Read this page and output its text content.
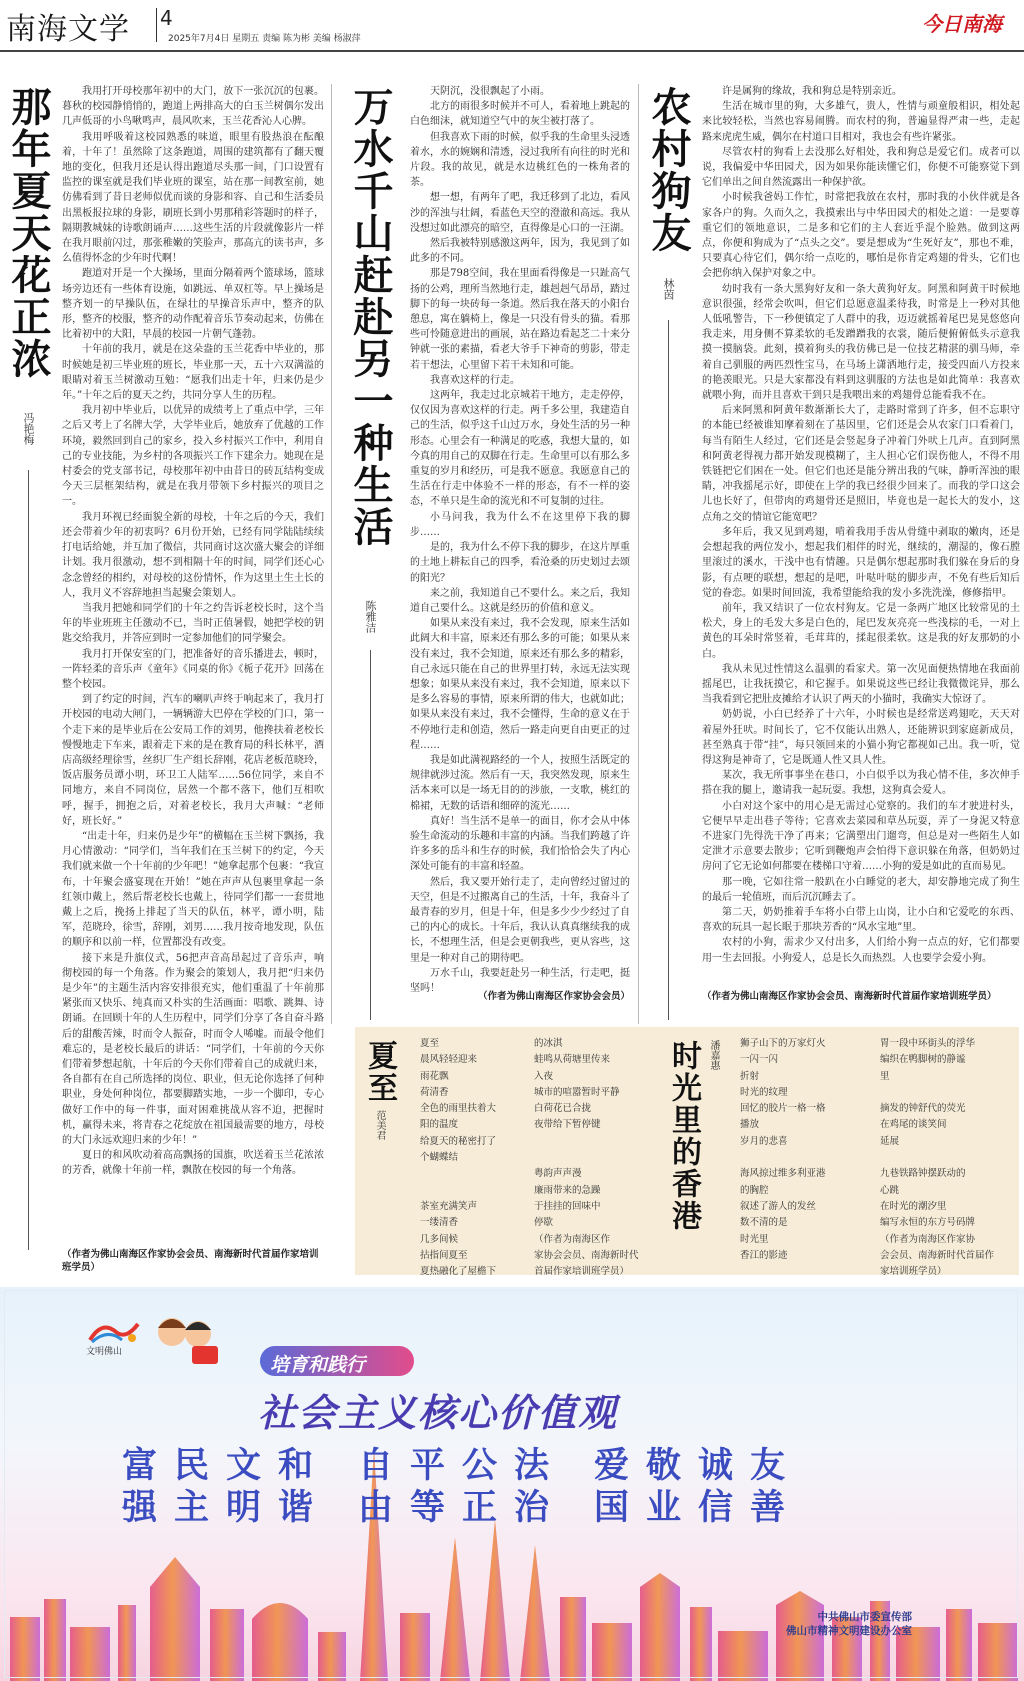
南海文学 4
2025年7月4日 星期五 责编 陈为彬 美编 杨淑萍
今日南海
那年夏天花正浓
冯艳梅

我用打开母校那年初中的大门，放下一张沉沉的包裹。暮秋的校园静悄悄的，跑道上两排高大的白玉兰树偶尔发出几声低哥的小鸟啾鸣声，晨风吹来，玉兰花香沁人心脾。

我用呼吸着这校园熟悉的味道，眼里有股热浪在酝酿着，十年了！虽然除了这条跑道，周围的建筑都有了翻天覆地的变化，但我月还是认得出跑道尽头那一间，门口设置有监控的课室就是我们毕业班的课室，站在那一间教室前，她仿佛看到了昔日老师似优而谈的身影和容、自己和生活委员出黑板报拉球的身影，刷班长到小男那稍彩答题时的样子，隔期教城妹的诗歌朗诵声……这些生活的片段就像影片一样在我月眼前闪过，那张稚嫩的笑脸声，那高亢的读书声，多么值得怀念的少年时代啊！

跑道对开是一个大操场，里面分隔着两个篮球场，篮球场旁边还有一些体育设施，如跳远、单双杠等。早上操场是整齐划一的早操队伍，在绿壮的早操音乐声中，整齐的队形，整齐的校服，整齐的动作配着音乐节奏动起来，仿佛在比着初中的大阳，早晨的校园一片朝气蓬勃。

十年前的我月，就是在这朵盎的玉兰花香中毕业的，那时候她是初三毕业班的班长，毕业那一天，五十六双满溢的眼睛对着玉兰树激动互勉：“愿我们出走十年，归来仍是少年。”十年之后的夏天之约，共同分享人生的历程。

我月初中毕业后，以优异的成绩考上了重点中学，三年之后又考上了名牌大学，大学毕业后，她放弃了优越的工作环境，毅然回到自己的家乡，投入乡村振兴工作中，利用自己的专业技能，为乡村的各项振兴工作下建余力。她现在是村委会的党支部书记，母校那年初中由昔日的砖瓦结构变成今天三层框架结构，就是在我月带领下乡村振兴的项目之一。

我月环视已经面貌全新的母校，十年之后的今天，我们还会带着少年的初衷吗？6月份开始，已经有同学陆陆续续打电话给她，并互加了微信，共同商讨这次盛大聚会的详细计划。我月很激动，想不到相隔十年的时间，同学们还心心念念曾经的相约，对母校的这份情怀，作为这里土生土长的人，我月义不容辞地担当起聚会策划人。

当我月把她和同学们的十年之约告诉老校长时，这个当年的毕业班班主任激动不已，当时正值暑假，她把学校的钥匙交给我月，并答应到时一定参加他们的同学聚会。

我月打开保安室的门，把准备好的音乐播进去，顿时，一阵轻柔的音乐声《童年》《同桌的你》《栀子花开》回荡在整个校园。

到了约定的时间，汽车的喇叭声终于响起来了，我月打开校园的电动大闸门，一辆辆游大巴停在学校的门口，第一个走下来的是毕业后在公安局工作的刘男，他搀扶着老校长慢慢地走下车来，跟着走下来的是在教育局的科长林平，酒店高级经理徐雪，丝织厂生产组长辞刚，花店老板范晓玲，饭店服务员谭小明，环卫工人陆军……56位同学，来自不同地方，来自不同岗位，居然一个都不落下，他们互相吹呼，握手，拥抱之后，对着老校长，我月大声喊：“老师好，班长好。”

“出走十年，归来仍是少年”的横幅在玉兰树下飘扬，我月心情激动：“同学们，当年我们在玉兰树下的约定，今天我们就来做一个十年前的少年吧！”她拿起那个包裹：“我宣布，十年聚会盛宴现在开始！”她在声声从包裹里拿起一条红领巾戴上，然后帮老校长也戴上，待同学们都一一套贯地戴上之后，挽扬上排起了当天的队伍，林平，谭小明，陆军，范晓玲，徐雪，辞刚，刘男……我月按奇地发现，队伍的顺序和以前一样，位置都没有改变。

接下来是升旗仪式，56把声音高昂起过了音乐声，响彻校园的每一个角落。作为聚会的策划人，我月把“归来仍是少年”的主题生活内容安排很充实，他们重温了十年前那紧张而又快乐、纯真而又朴实的生活画面：唱歌、跳舞、诗朗诵。在回顾十年的人生历程中，同学们分享了各自奋斗路后的甜酸苦辣，时而令人振奋，时而令人唏嘘。而最令他们难忘的，是老校长最后的讲话：“同学们，十年前的今天你们带着梦想起航，十年后的今天你们带着自己的成就归来，各自都有在自己所选择的岗位、职业，但无论你选择了何种职业，身处何种岗位，都要脚踏实地，一步一个脚印，专心做好工作中的每一件事，面对困难挑战从容不迫，把握时机，赢得未来，将青春之花绽放在祖国最需要的地方，母校的大门永远欢迎归来的少年！”

夏日的和风吹动着高高飘扬的国旗，吹送着玉兰花浓浓的芳香，就像十年前一样，飘散在校园的每一个角落。

（作者为佛山南海区作家协会会员、南海新时代首届作家培训班学员）
万水千山赶赴另一种生活
陈雅洁

天阴沉，没很飘起了小雨。

北方的雨很多时候并不可人，看着地上跳起的白色细沫，就知道空气中的灰尘被打落了。

但我喜欢下雨的时候，似乎我的生命里头浸透着水，水的婉娴和清透，浸过我所有向往的时光和片段。我的故见，就是水边桃红色的一株角者的茶。

想一想，有两年了吧，我迁移到了北边，看风沙的浑浊与壮阔，看蓝色天空的澄澈和高远。我从没想过如此漂亮的暗空，直得像是心口的一汪湖。

然后我被特别感激这两年，因为，我见到了如此多的不同。

那是798空间，我在里面看得像是一只趾高气扬的公鸡，理所当然地行走，雄赳赳气昂昂，踏过脚下的每一块砖每一条道。然后我在落天的小阳台憩息，寓在躺椅上，像是一只没有骨头的猫。看那些可怜随意进出的画展，站在路边看起芝二十来分钟就一张的素描，看老大爷手下神奇的剪影，带走若干想法，心里留下若干未知和可能。

我喜欢这样的行走。

这两年，我走过北京城若干地方，走走停停，仅仅因为喜欢这样的行走。两千多公里，我建造自己的生活，似乎这千山过万水，身处生活的另一种形态。心里会有一种满足的吃惑，我想大量的，如今真的用自己的双脚在行走。生命里可以有那么多重复的岁月和经历，可是我不愿意。我愿意自己的生活在行走中体验不一样的形态，有不一样的姿态，不单只是生命的流光和不可复制的过往。

小马问我，我为什么不在这里停下我的脚步……

是的，我为什么不停下我的脚步，在这片厚重的土地上耕耘自己的四季，看沧桑的历史划过去颂的阳光？

来之前，我知道自己不要什么。来之后，我知道自己要什么。这就是经历的价值和意义。

如果从来没有来过，我不会发现，原来生活如此阔大和丰富，原来还有那么多的可能；如果从来没有来过，我不会知道，原来还有那么多的精彩，自己永远只能在自己的世界里打转，永远无法实现想象；如果从来没有来过，我不会知道，原来以下是多么容易的事情，原来所谓的伟大，也就如此；如果从来没有来过，我不会懂得，生命的意义在于不停地行走和创造，然后一路走向更自由更正的过程……

我是如此满视路经的一个人，按照生活既定的规律就涉过流。然后有一天，我突然发现，原来生活本来可以是一场无目的的涉旅，一支歌，桃红的棉裙，无数的话语和细碎的流光……

真好！当生活不是单一的面目，你才会从中体验生命流动的乐趣和丰富的内涵。当我们跨越了许许多多的岳斗和生存的时候，我们恰恰会失了内心深处可能有的丰富和轻盈。

然后，我又要开始行走了，走向曾经过留过的天空，但是不过搬离自己的生活，十年，我奋斗了最青春的岁月，但是十年，但是多少少少经过了自己的内心的成长。十年后，我认认真真继续我的成长，不想理生活，但是会更朝我些，更从容些，这里是一种对自己的期待吧。

万水千山，我要赶赴另一种生活，行走吧，挺坚吗！

（作者为佛山南海区作家协会会员）
农村狗友
林茵

许是属狗的缘故，我和狗总是特别亲近。

生活在城市里的狗，大多雄气，贵人，性情与顽童般相识，相处起来比较轻松，当然也容易闹腾。而农村的狗，普遍显得严肃一些，走起路来虎虎生威，偶尔在村道口目相对，我也会有些许紧张。

尽管农村的狗看上去没那么好相处，我和狗总是爱它们。成者可以说，我偏爱中华田园犬，因为如果你能读懂它们，你便不可能察觉下到它们单出之间自然流露出一种保护欲。

小时候我爸妈工作忙，时常把我放在农村，那时我的小伙伴就是各家各户的狗。久而久之，我摸索出与中华田园犬的相处之道：一是要尊重它们的领地意识，二是多和它们的主人套近乎混个脸熟。做到这两点，你便和狗成为了“点头之交”。要是想成为“生死好友”，那也不难，只要真心待它们，偶尔给一点吃的，哪怕是你肯定鸡翅的骨头，它们也会把你纳入保护对象之中。

幼时我有一条大黑狗好友和一条大黄狗好友。阿黑和阿黄干时候地意识很强，经常会吹叫，但它们总愿意温柔待我，时常是上一秒对其他人低吼警告，下一秒便镇定了人群中的我，迈迈就摇着尾巴晃晃悠悠向我走来，用身侧不算柔软的毛发蹭蹭我的衣裳，随后便俯俯低头示意我摸一摸脑袋。此刻，摸着狗头的我仿佛已是一位技艺精湛的驯马师，牵着自己驯服的两匹烈性宝马，在马场上潇洒地行走，接受四面八方投来的艳羡眼光。只是大家都没有料到这驯服的方法也是如此简单：我喜欢就喂小狗，而并且喜欢干到只是我喂出来的鸡翅骨总能看我不在。

后来阿黑和阿黄年数渐渐长大了，走路时常到了许多，但不忘职守的本能已经被谁知摩着刻在了基因里，它们还是会从农家门口看着门，每当有陌生人经过，它们还是会竖起身子冲着门外吠上几声。直到阿黑和阿黄老得视力都开始发现模糊了，主人担心它们误伤他人，不得不用铁链把它们困在一处。但它们也还是能分辨出我的气味，静听浑浊的眼睛，冲我摇尾示好，即使在上学的我已经很少回来了。而我的学口这会儿也长好了，但带肉的鸡翅骨还是照旧，毕竟也是一起长大的发小，这点角之交的情谊它能宽吧？

多年后，我又见到鸡翅，啃着我用手齿从骨缝中剥取的嫩肉，还是会想起我的两位发小，想起我们相伴的时光，继续的，潮湿的，像石膛里滚过的溪水，干浅中也有情趣。只是偶尔想起那时我们躲在身后的身影，有点哽的联想，想起的是吧，叶哒叶哒的脚步声，不免有些后知后觉的眷恋。如果时间回流，我希望能给我的发小多洗洗澡，修修指甲。

前年，我又结识了一位农村狗友。它是一条两广地区比较常见的土松犬，身上的毛发大多是白色的，尾巴发灰亮亮一些浅棕的毛，一对上黄色的耳朵时常竖着，毛茸茸的，揉起很柔软。这是我的好友那奶的小白。

我从未见过性情这么温驯的看家犬。第一次见面便热情地在我面前摇尾巴，让我抚摸它，和它握手。如果说这些已经让我微微诧异，那么当我看到它把肚皮摊给才认识了两天的小猫时，我确实大惊讶了。

奶奶说，小白已经养了十六年，小时候也是经常送鸡翅吃，天天对着屋外狂吠。时间长了，它不仅能认出熟人，还能辨识到家庭新成员，甚至熟真于带“挂”，每只领回来的小猫小狗它都视如己出。我一听，觉得这狗是神奇了，它是既通人性又具人性。

某次，我无所事事坐在巷口，小白似乎以为我心情不佳，多次伸手搭在我的腿上，邀请我一起玩耍。我想，这狗真会爱人。

小白对这个家中的用心是无需过心觉察的。我们的车才驶进村头，它便早早走出巷子等待；它喜欢去菜园和草丛玩耍，弄了一身泥又特意不进家门先得洗干净了再来；它满塑出门遛弯，但总是对一些陌生人如定泄才示意要去散步；它听到鞭炮声会怕得下意识躲在角落，但奶奶过房问了它无论如何都要在楼梯口守着……小狗的爱是如此的直而易见。

那一晚，它如往常一般趴在小白睡觉的老大，却安静地完成了狗生的最后一轮值班，而后沉沉睡去了。

第二天，奶奶推着手车将小白带上山岗，让小白和它爱吃的东西、喜欢的玩具一起长眠于那块芳香的“风水宝地”里。

农村的小狗，需求少又付出多，人们给小狗一点点的好，它们都要用一生去回报。小狗爱人，总是长久而热烈。人也要学会爱小狗。

（作者为佛山南海区作家协会会员、南海新时代首届作家培训班学员）
夏至
范美君
夏至
晨风轻轻迎来
雨花飘
荷清香
全色的雨里扶着大
阳的温度
给夏天的秘密打了
个蝴蝶结

茶室充满笑声
一缕清香
几多间候
拈指间夏至
夏热融化了屋檐下
的冰淇
蛙鸣从荷塘里传来
入夜
城市的喧嚣暂时平静
白荷花已合拢
夜带给下暂停键

粤韵声声漫
廉雨带来的急躁
于挂挂的回味中
停歇
（作者为南海区作
家协会会员、南海新时代
首届作家培训班学员）
时光里的香港 潘嘉惠 狮子山下的万家灯火
一闪一闪
折射
时光的纹理
回忆的胶片一格一格
播放
岁月的悲喜

海风掠过维多利亚港
的胸腔
叙述了游人的发丝
数不清的是
时光里
香江的影迹
胃一段中环街头的浮华
编织在鸭脚树的静谧
里

摘发的钟舒代的荧光
在鸡尾的谈笑间
延展

九巷铁路钟摆跃动的
心跳
在时光的潮汐里
编写永恒的东方号码牌
（作者为南海区作家协
会会员、南海新时代首届作
家培训班学员）
文明佛山
培育和践行
社会主义核心价值观
富
强
民
主
文
明
和
谐
自
由
平
等
公
正
法
治
爱
国
敬
业
诚
信
友
善
中共佛山市委宣传部
佛山市精神文明建设办公室
